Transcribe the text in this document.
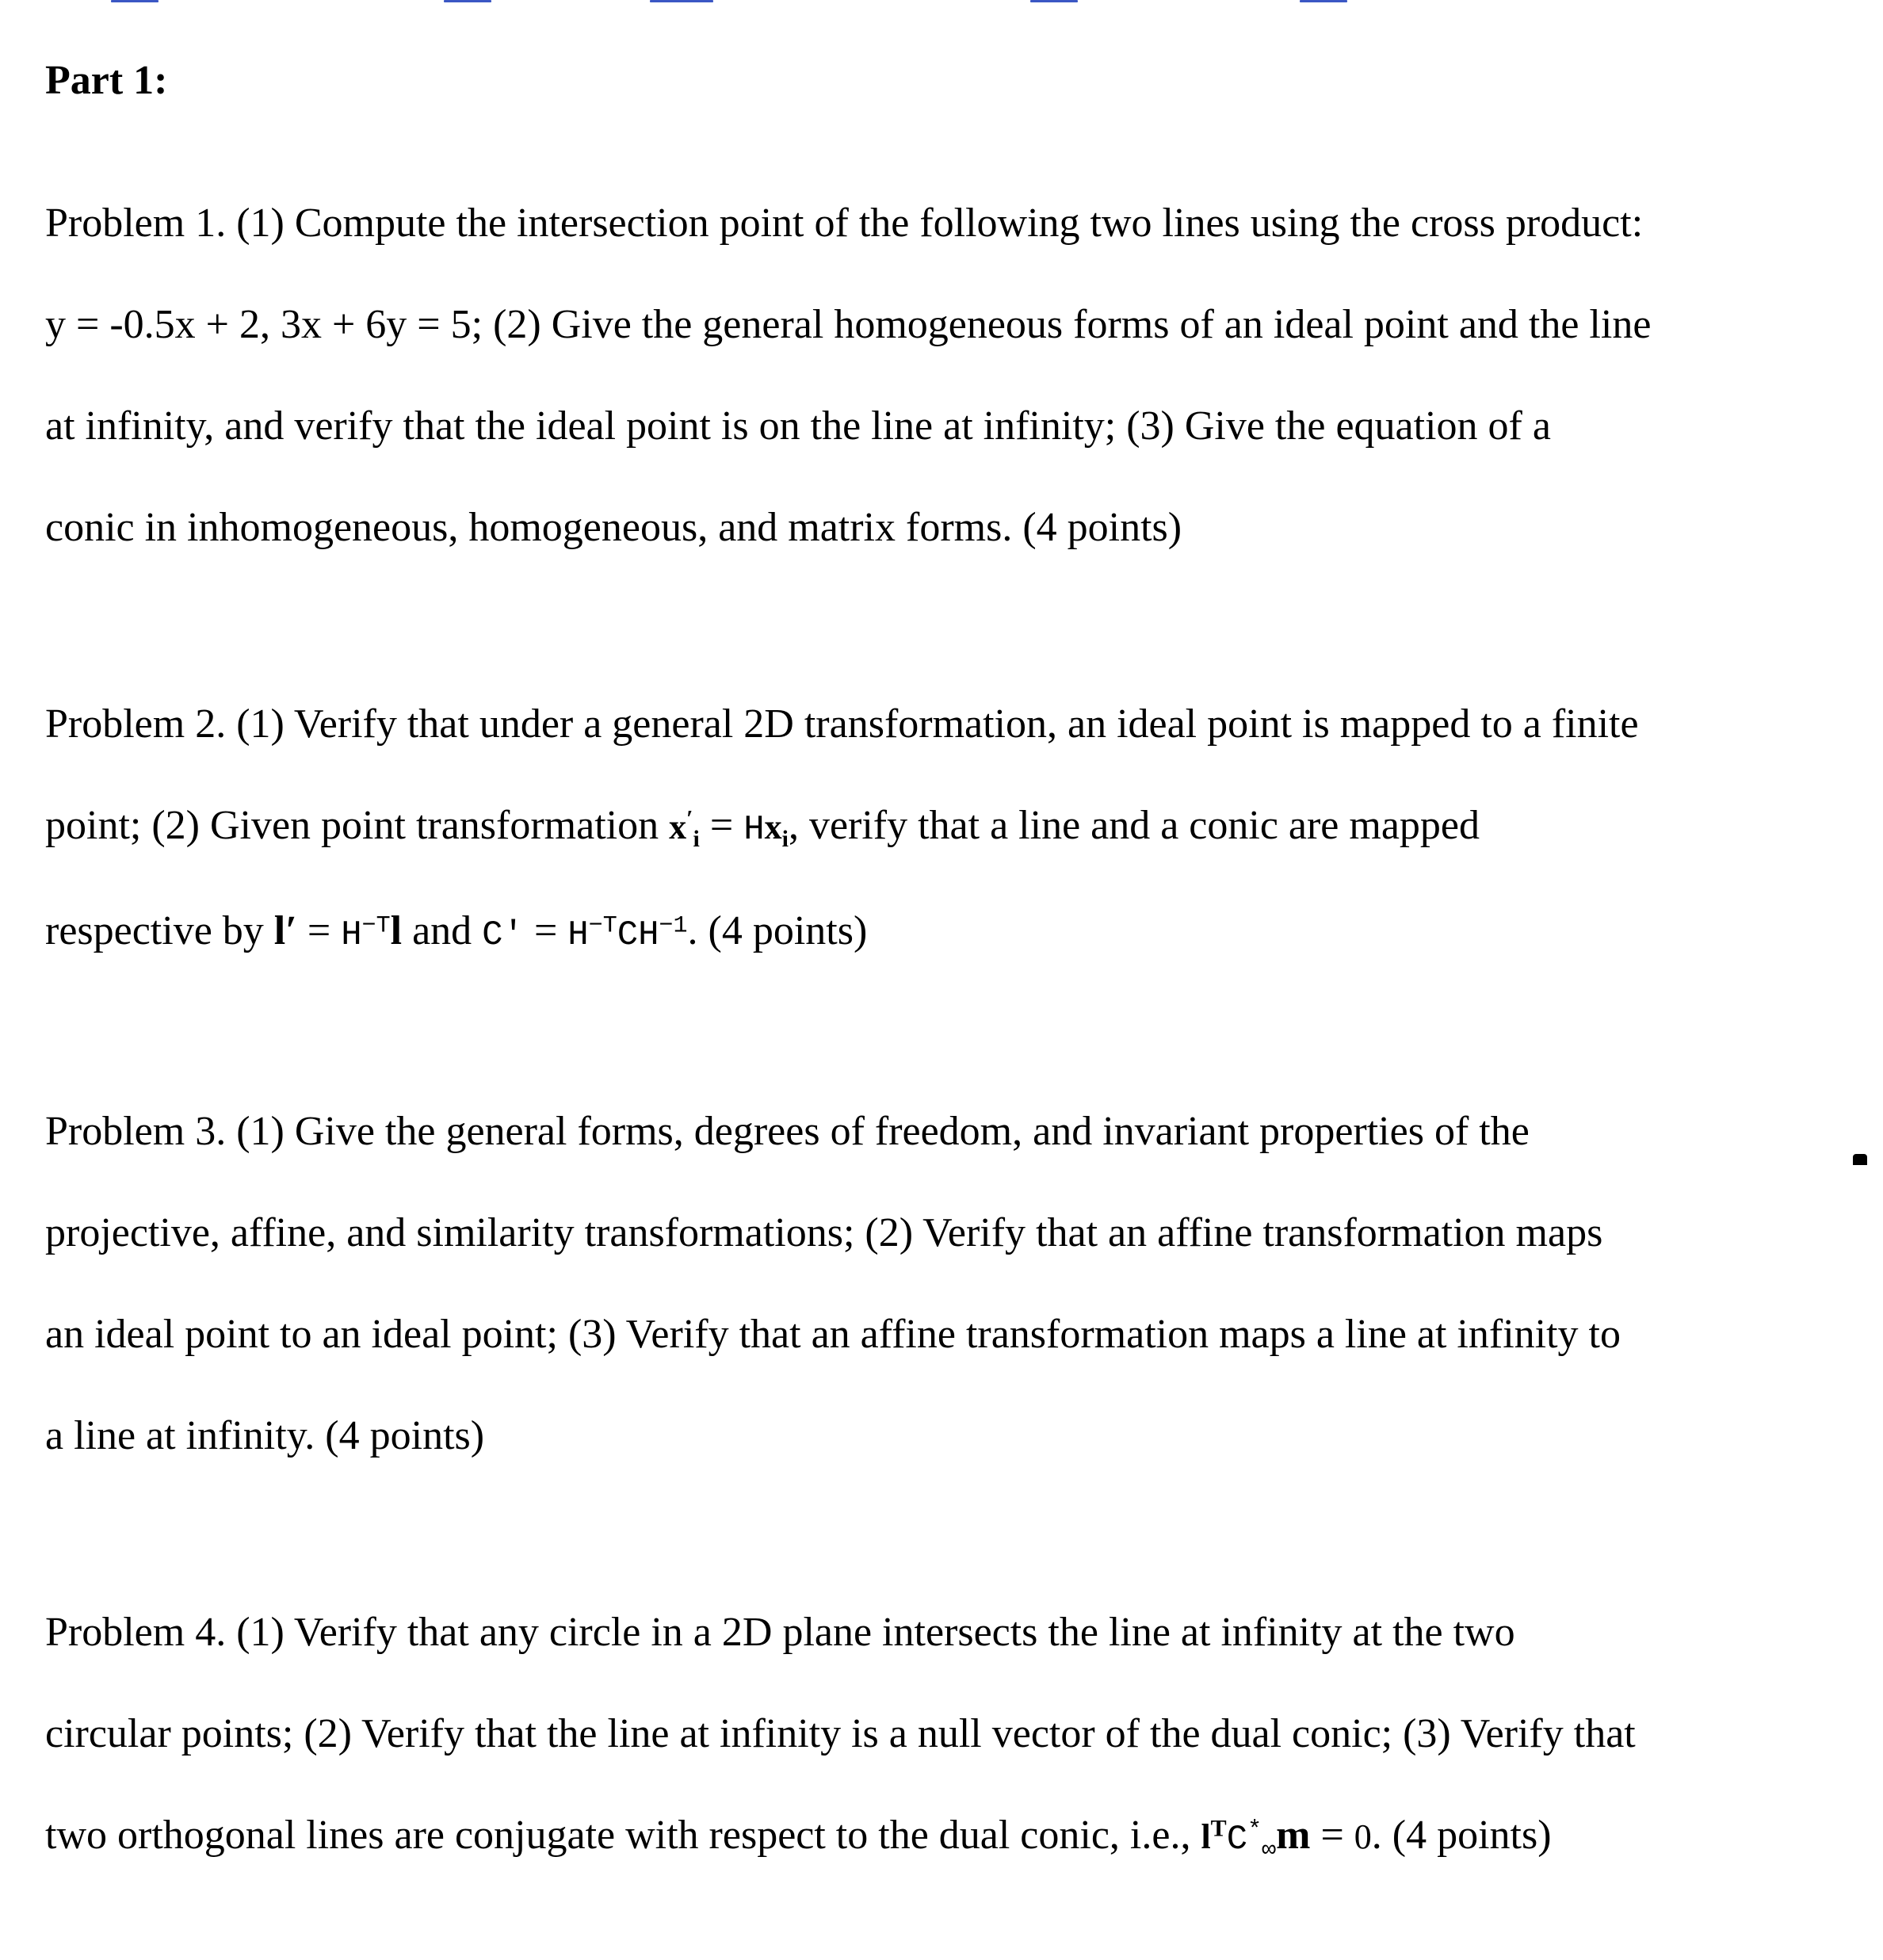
Part 1:

Problem 1. (1) Compute the intersection point of the following two lines using the cross product:

y = -0.5x + 2, 3x + 6y = 5; (2) Give the general homogeneous forms of an ideal point and the line

at infinity, and verify that the ideal point is on the line at infinity; (3) Give the equation of a

conic in inhomogeneous, homogeneous, and matrix forms. (4 points)

Problem 2. (1) Verify that under a general 2D transformation, an ideal point is mapped to a finite

point; (2) Given point transformation $x'_i = Hx_i$, verify that a line and a conic are mapped

respective by $l' = H^{-T}l$ and $C' = H^{-T}CH^{-1}$. (4 points)

Problem 3. (1) Give the general forms, degrees of freedom, and invariant properties of the

projective, affine, and similarity transformations; (2) Verify that an affine transformation maps

an ideal point to an ideal point; (3) Verify that an affine transformation maps a line at infinity to

a line at infinity. (4 points)

Problem 4. (1) Verify that any circle in a 2D plane intersects the line at infinity at the two

circular points; (2) Verify that the line at infinity is a null vector of the dual conic; (3) Verify that

two orthogonal lines are conjugate with respect to the dual conic, i.e., $l^TC^*_\infty m = 0$. (4 points)
